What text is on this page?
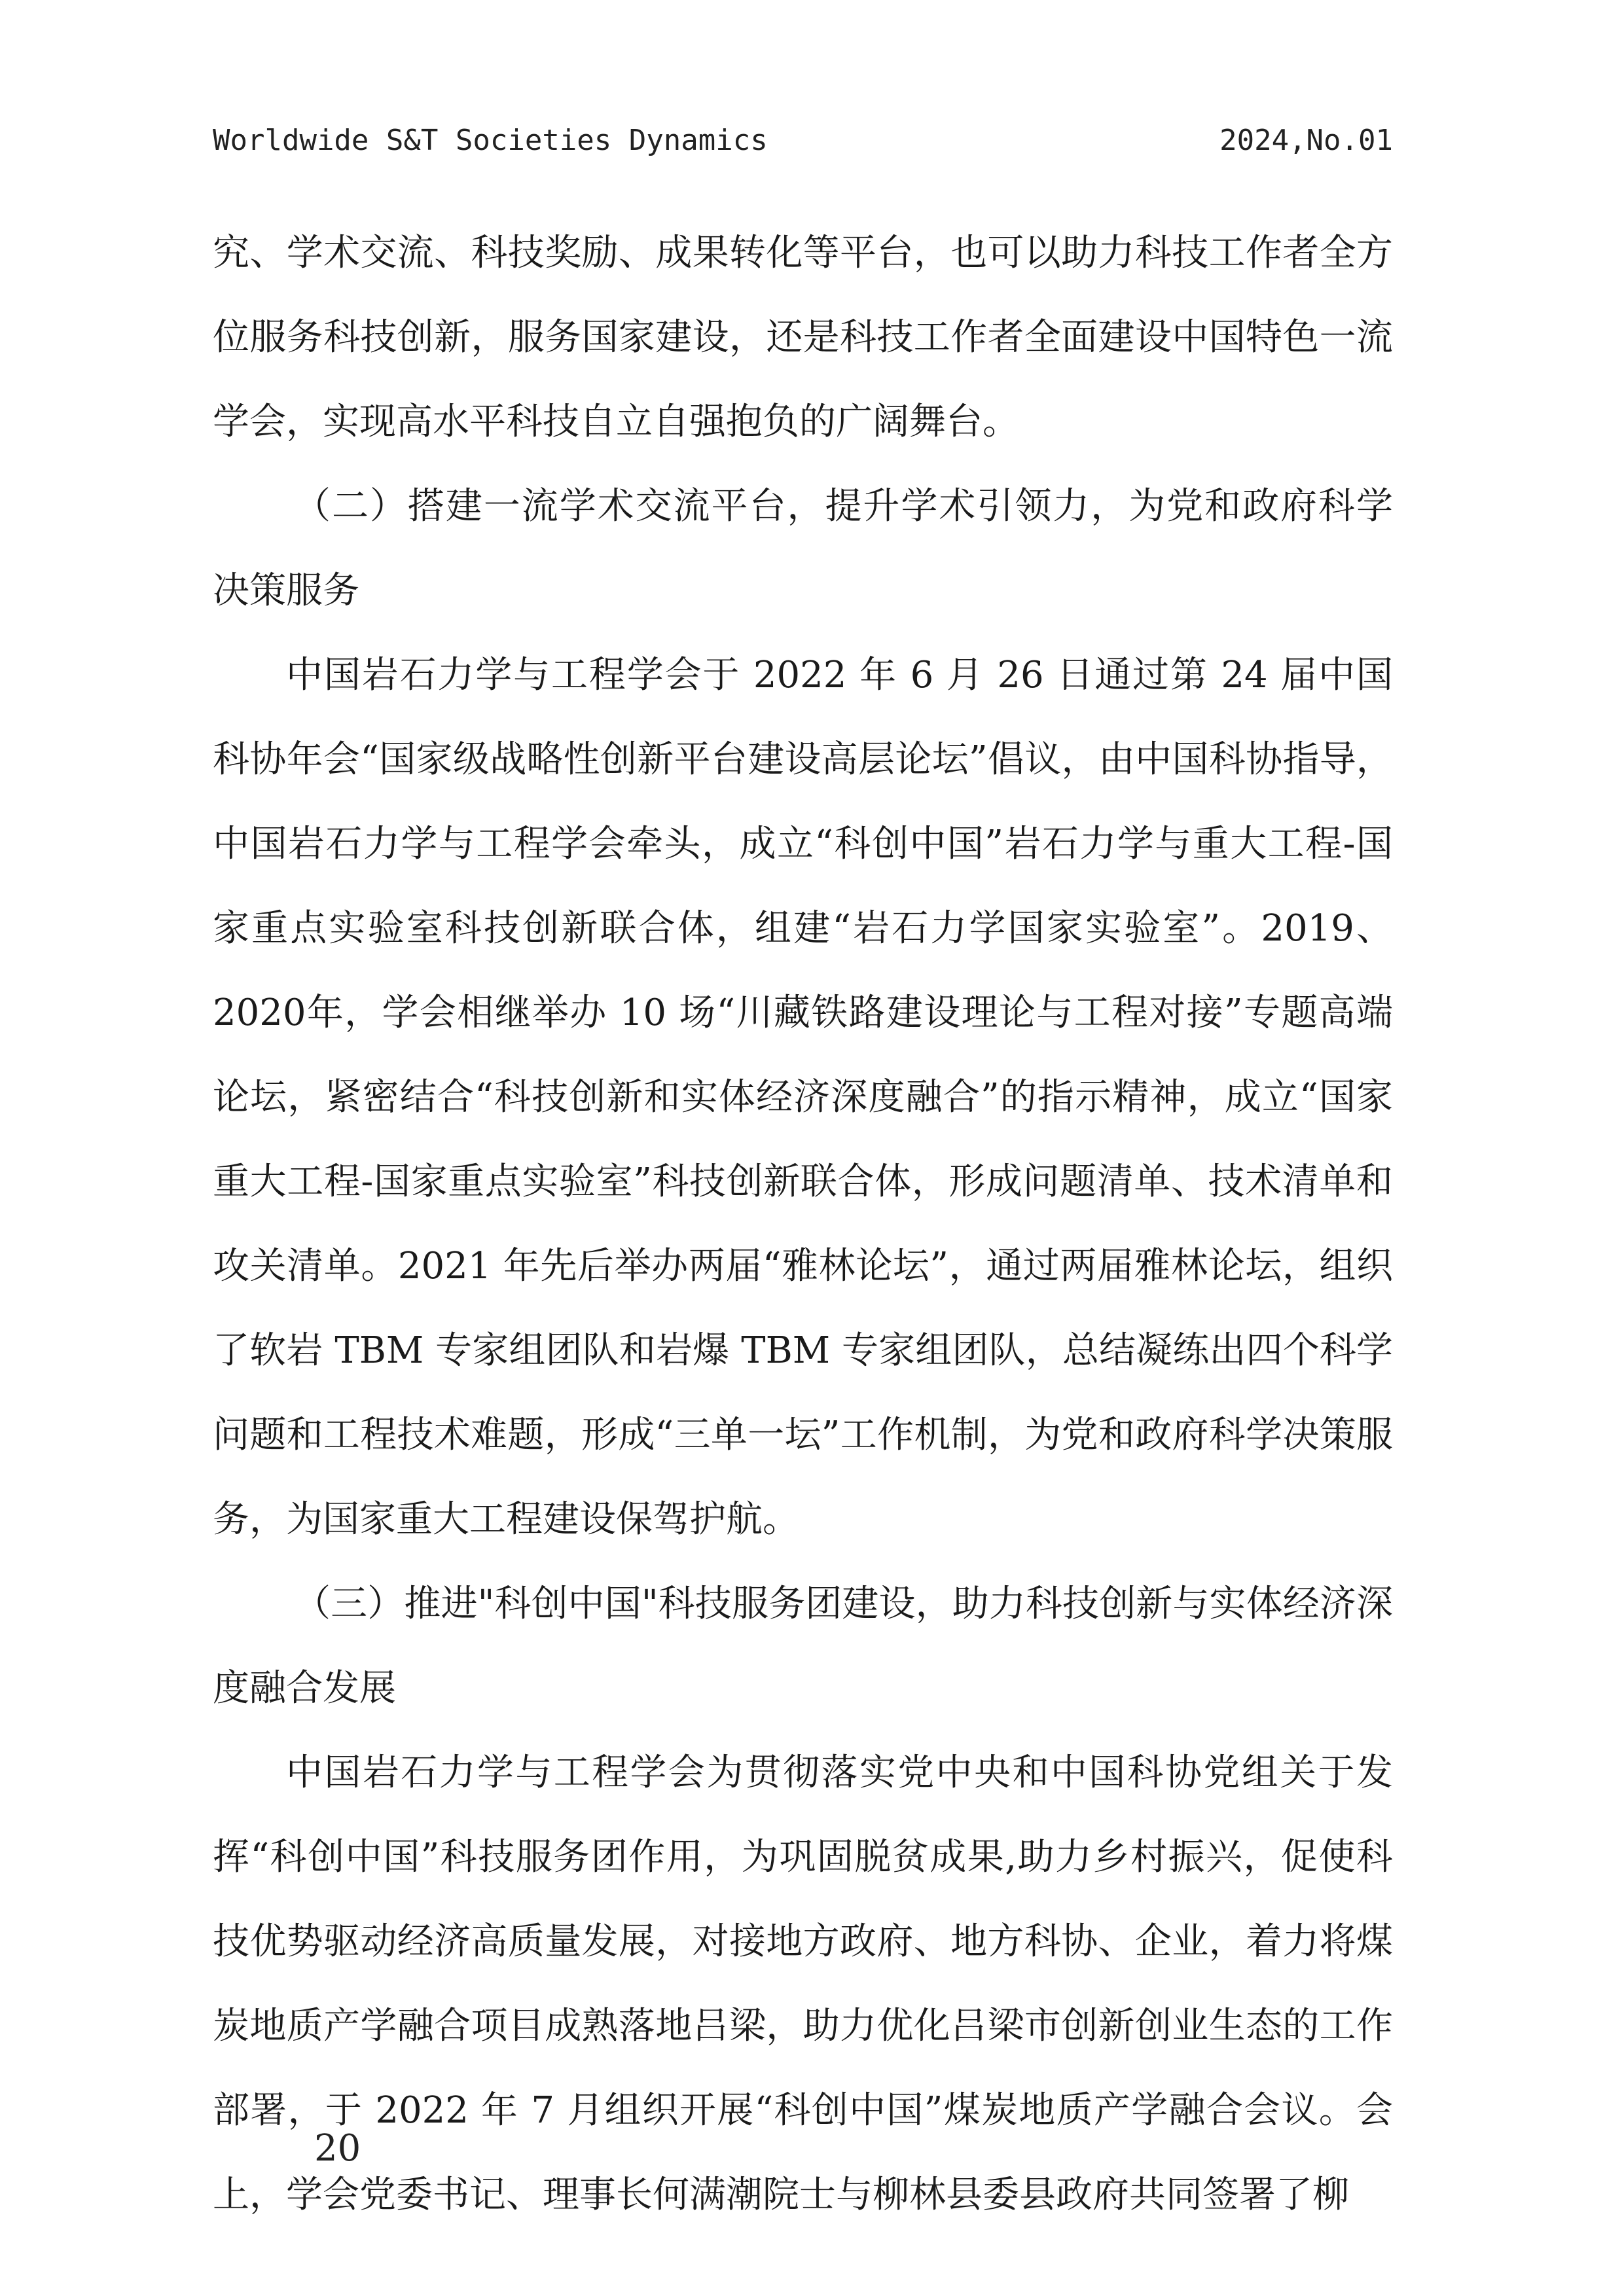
Worldwide S&T Societies Dynamics	2024,No.01

究、学术交流、科技奖励、成果转化等平台，也可以助力科技工作者全方位服务科技创新，服务国家建设，还是科技工作者全面建设中国特色一流学会，实现高水平科技自立自强抱负的广阔舞台。

（二）搭建一流学术交流平台，提升学术引领力，为党和政府科学决策服务

中国岩石力学与工程学会于 2022 年 6 月 26 日通过第 24 届中国科协年会“国家级战略性创新平台建设高层论坛”倡议，由中国科协指导，中国岩石力学与工程学会牵头，成立“科创中国”岩石力学与重大工程-国家重点实验室科技创新联合体，组建“岩石力学国家实验室”。2019、2020年，学会相继举办 10 场“川藏铁路建设理论与工程对接”专题高端论坛，紧密结合“科技创新和实体经济深度融合”的指示精神，成立“国家重大工程-国家重点实验室”科技创新联合体，形成问题清单、技术清单和攻关清单。2021 年先后举办两届“雅林论坛”，通过两届雅林论坛，组织了软岩 TBM 专家组团队和岩爆 TBM 专家组团队，总结凝练出四个科学问题和工程技术难题，形成“三单一坛”工作机制，为党和政府科学决策服务，为国家重大工程建设保驾护航。

（三）推进"科创中国"科技服务团建设，助力科技创新与实体经济深度融合发展

中国岩石力学与工程学会为贯彻落实党中央和中国科协党组关于发挥“科创中国”科技服务团作用，为巩固脱贫成果,助力乡村振兴，促使科技优势驱动经济高质量发展，对接地方政府、地方科协、企业，着力将煤炭地质产学融合项目成熟落地吕梁，助力优化吕梁市创新创业生态的工作部署，于 2022 年 7 月组织开展“科创中国”煤炭地质产学融合会议。会上，学会党委书记、理事长何满潮院士与柳林县委县政府共同签署了柳

20
